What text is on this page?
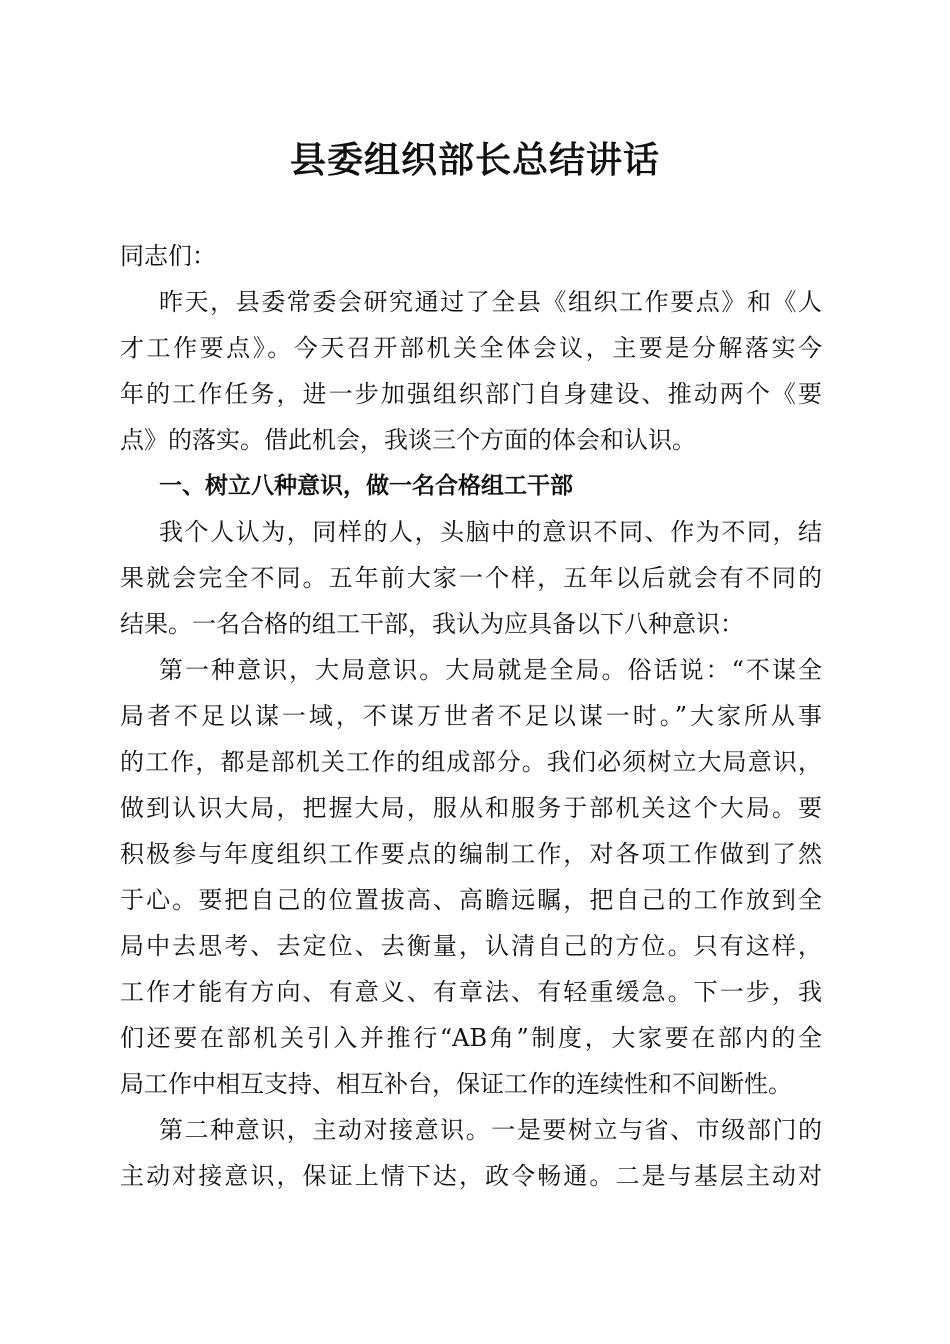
县委组织部长总结讲话
同志们：
昨天，县委常委会研究通过了全县《组织工作要点》和《人
才工作要点》。今天召开部机关全体会议，主要是分解落实今
年的工作任务，进一步加强组织部门自身建设、推动两个《要
点》的落实。借此机会，我谈三个方面的体会和认识。
一、树立八种意识，做一名合格组工干部
我个人认为，同样的人，头脑中的意识不同、作为不同，结
果就会完全不同。五年前大家一个样，五年以后就会有不同的
结果。一名合格的组工干部，我认为应具备以下八种意识：
第一种意识，大局意识。大局就是全局。俗话说：“不谋全
局者不足以谋一域，不谋万世者不足以谋一时。”大家所从事
的工作，都是部机关工作的组成部分。我们必须树立大局意识，
做到认识大局，把握大局，服从和服务于部机关这个大局。要
积极参与年度组织工作要点的编制工作，对各项工作做到了然
于心。要把自己的位置拔高、高瞻远瞩，把自己的工作放到全
局中去思考、去定位、去衡量，认清自己的方位。只有这样，
工作才能有方向、有意义、有章法、有轻重缓急。下一步，我
们还要在部机关引入并推行“AB角”制度，大家要在部内的全
局工作中相互支持、相互补台，保证工作的连续性和不间断性。
第二种意识，主动对接意识。一是要树立与省、市级部门的
主动对接意识，保证上情下达，政令畅通。二是与基层主动对
